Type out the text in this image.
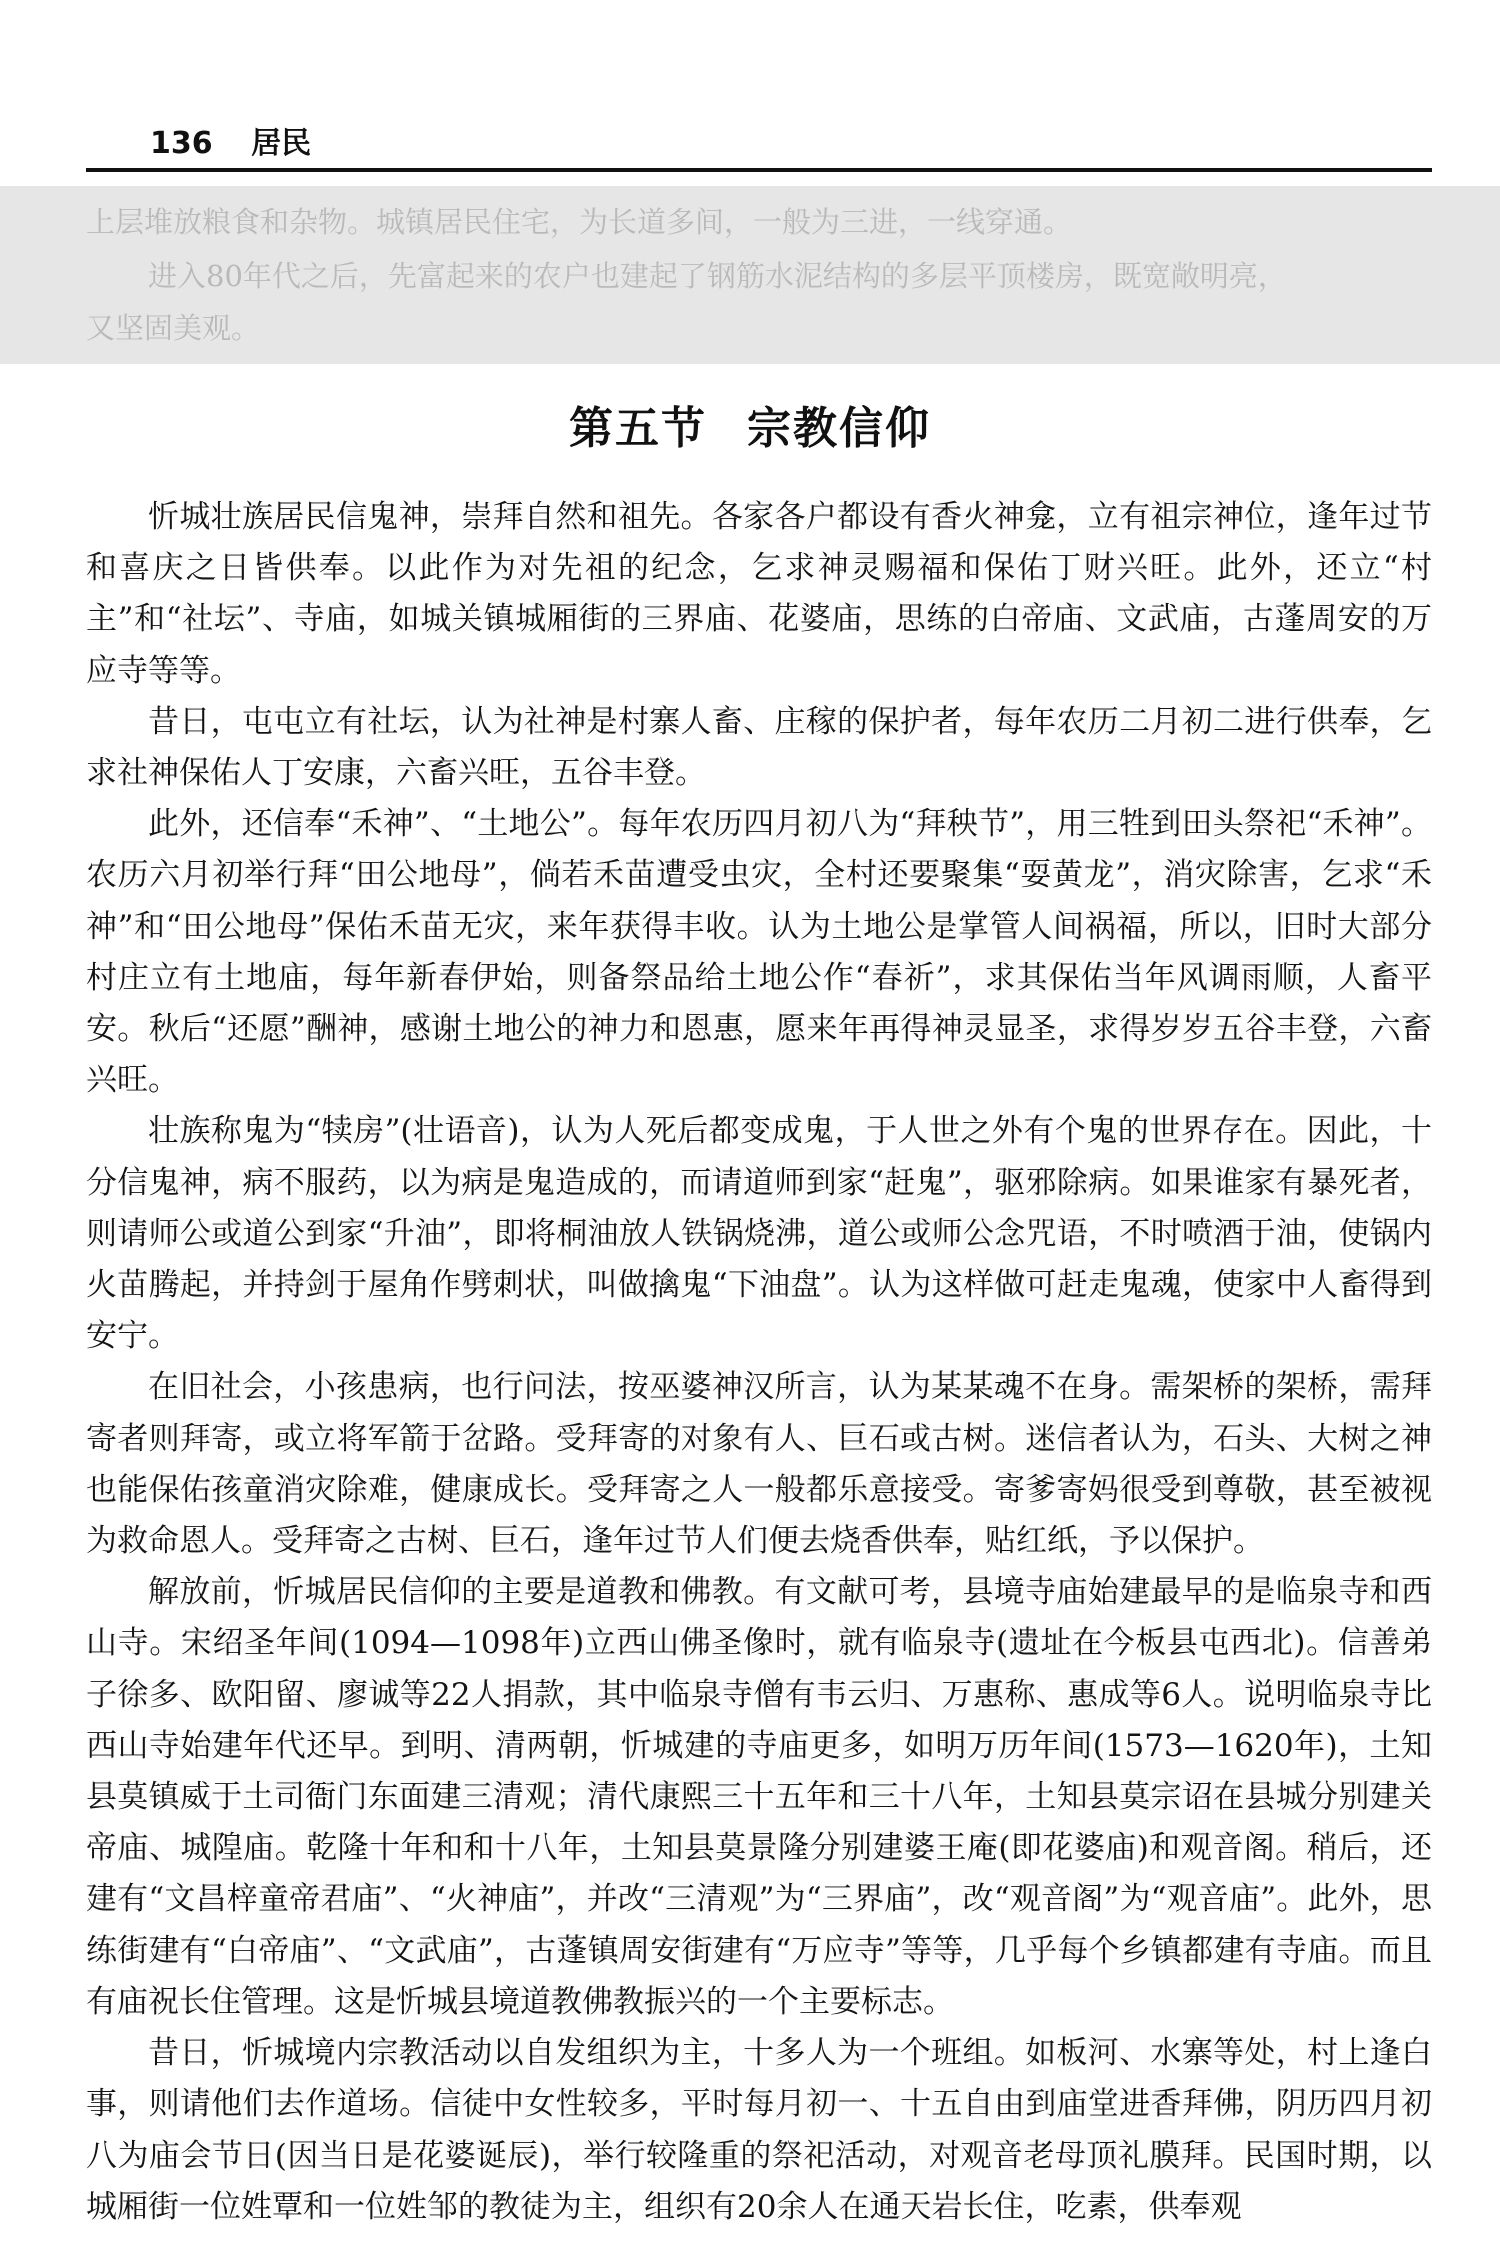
136 居民

上层堆放粮食和杂物。城镇居民住宅，为长道多间，一般为三进，一线穿通。

进入80年代之后，先富起来的农户也建起了钢筋水泥结构的多层平顶楼房，既宽敞明亮，

又坚固美观。

第五节 宗教信仰

忻城壮族居民信鬼神，崇拜自然和祖先。各家各户都设有香火神龛，立有祖宗神位，逢年过节和喜庆之日皆供奉。以此作为对先祖的纪念，乞求神灵赐福和保佑丁财兴旺。此外，还立“村主”和“社坛”、寺庙，如城关镇城厢街的三界庙、花婆庙，思练的白帝庙、文武庙，古蓬周安的万应寺等等。

昔日，屯屯立有社坛，认为社神是村寨人畜、庄稼的保护者，每年农历二月初二进行供奉，乞求社神保佑人丁安康，六畜兴旺，五谷丰登。

此外，还信奉“禾神”、“土地公”。每年农历四月初八为“拜秧节”，用三牲到田头祭祀“禾神”。农历六月初举行拜“田公地母”，倘若禾苗遭受虫灾，全村还要聚集“耍黄龙”，消灾除害，乞求“禾神”和“田公地母”保佑禾苗无灾，来年获得丰收。认为土地公是掌管人间祸福，所以，旧时大部分村庄立有土地庙，每年新春伊始，则备祭品给土地公作“春祈”，求其保佑当年风调雨顺，人畜平安。秋后“还愿”酬神，感谢土地公的神力和恩惠，愿来年再得神灵显圣，求得岁岁五谷丰登，六畜兴旺。

壮族称鬼为“犊房”(壮语音)，认为人死后都变成鬼，于人世之外有个鬼的世界存在。因此，十分信鬼神，病不服药，以为病是鬼造成的，而请道师到家“赶鬼”，驱邪除病。如果谁家有暴死者，则请师公或道公到家“升油”，即将桐油放人铁锅烧沸，道公或师公念咒语，不时喷酒于油，使锅内火苗腾起，并持剑于屋角作劈刺状，叫做擒鬼“下油盘”。认为这样做可赶走鬼魂，使家中人畜得到安宁。

在旧社会，小孩患病，也行问法，按巫婆神汉所言，认为某某魂不在身。需架桥的架桥，需拜寄者则拜寄，或立将军箭于岔路。受拜寄的对象有人、巨石或古树。迷信者认为，石头、大树之神也能保佑孩童消灾除难，健康成长。受拜寄之人一般都乐意接受。寄爹寄妈很受到尊敬，甚至被视为救命恩人。受拜寄之古树、巨石，逢年过节人们便去烧香供奉，贴红纸，予以保护。

解放前，忻城居民信仰的主要是道教和佛教。有文献可考，县境寺庙始建最早的是临泉寺和西山寺。宋绍圣年间(1094—1098年)立西山佛圣像时，就有临泉寺(遗址在今板县屯西北)。信善弟子徐多、欧阳留、廖诚等22人捐款，其中临泉寺僧有韦云归、万惠称、惠成等6人。说明临泉寺比西山寺始建年代还早。到明、清两朝，忻城建的寺庙更多，如明万历年间(1573—1620年)，土知县莫镇威于土司衙门东面建三清观；清代康熙三十五年和三十八年，土知县莫宗诏在县城分别建关帝庙、城隍庙。乾隆十年和和十八年，土知县莫景隆分别建婆王庵(即花婆庙)和观音阁。稍后，还建有“文昌梓童帝君庙”、“火神庙”，并改“三清观”为“三界庙”，改“观音阁”为“观音庙”。此外，思练街建有“白帝庙”、“文武庙”，古蓬镇周安街建有“万应寺”等等，几乎每个乡镇都建有寺庙。而且有庙祝长住管理。这是忻城县境道教佛教振兴的一个主要标志。

昔日，忻城境内宗教活动以自发组织为主，十多人为一个班组。如板河、水寨等处，村上逢白事，则请他们去作道场。信徒中女性较多，平时每月初一、十五自由到庙堂进香拜佛，阴历四月初八为庙会节日(因当日是花婆诞辰)，举行较隆重的祭祀活动，对观音老母顶礼膜拜。民国时期，以城厢街一位姓覃和一位姓邹的教徒为主，组织有20余人在通天岩长住，吃素，供奉观
